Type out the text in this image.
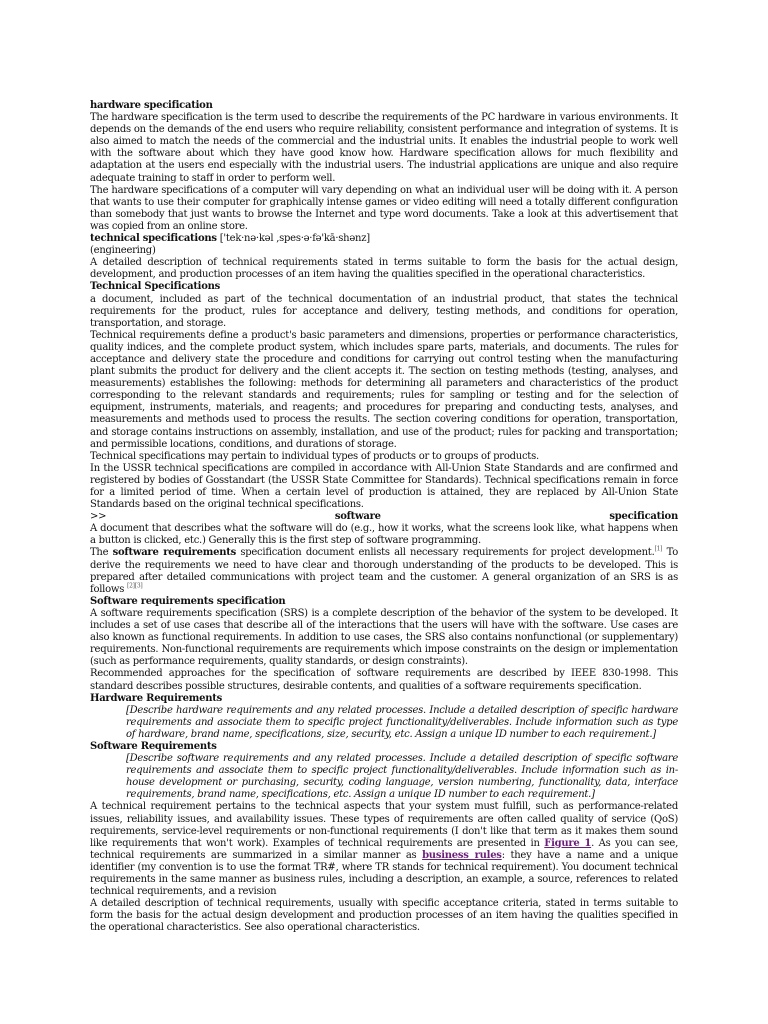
hardware specification

The hardware specification is the term used to describe the requirements of the PC hardware in various environments. It depends on the demands of the end users who require reliability, consistent performance and integration of systems. It is also aimed to match the needs of the commercial and the industrial units. It enables the industrial people to work well with the software about which they have good know how. Hardware specification allows for much flexibility and adaptation at the users end especially with the industrial users. The industrial applications are unique and also require adequate training to staff in order to perform well.

The hardware specifications of a computer will vary depending on what an individual user will be doing with it. A person that wants to use their computer for graphically intense games or video editing will need a totally different configuration than somebody that just wants to browse the Internet and type word documents. Take a look at this advertisement that was copied from an online store.

technical specifications ['tek·nə·kəl ,spes·ə·fə'kā·shənz]

(engineering)

A detailed description of technical requirements stated in terms suitable to form the basis for the actual design, development, and production processes of an item having the qualities specified in the operational characteristics.

Technical Specifications

a document, included as part of the technical documentation of an industrial product, that states the technical requirements for the product, rules for acceptance and delivery, testing methods, and conditions for operation, transportation, and storage.

Technical requirements define a product's basic parameters and dimensions, properties or performance characteristics, quality indices, and the complete product system, which includes spare parts, materials, and documents. The rules for acceptance and delivery state the procedure and conditions for carrying out control testing when the manufacturing plant submits the product for delivery and the client accepts it. The section on testing methods (testing, analyses, and measurements) establishes the following: methods for determining all parameters and characteristics of the product corresponding to the relevant standards and requirements; rules for sampling or testing and for the selection of equipment, instruments, materials, and reagents; and procedures for preparing and conducting tests, analyses, and measurements and methods used to process the results. The section covering conditions for operation, transportation, and storage contains instructions on assembly, installation, and use of the product; rules for packing and transportation; and permissible locations, conditions, and durations of storage.

Technical specifications may pertain to individual types of products or to groups of products.

In the USSR technical specifications are compiled in accordance with All-Union State Standards and are confirmed and registered by bodies of Gosstandart (the USSR State Committee for Standards). Technical specifications remain in force for a limited period of time. When a certain level of production is attained, they are replaced by All-Union State Standards based on the original technical specifications.

>>	software	specification

A document that describes what the software will do (e.g., how it works, what the screens look like, what happens when a button is clicked, etc.) Generally this is the first step of software programming.

The software requirements specification document enlists all necessary requirements for project development.[1] To derive the requirements we need to have clear and thorough understanding of the products to be developed. This is prepared after detailed communications with project team and the customer. A general organization of an SRS is as follows [2][3]

Software requirements specification

A software requirements specification (SRS) is a complete description of the behavior of the system to be developed. It includes a set of use cases that describe all of the interactions that the users will have with the software. Use cases are also known as functional requirements. In addition to use cases, the SRS also contains nonfunctional (or supplementary) requirements. Non-functional requirements are requirements which impose constraints on the design or implementation (such as performance requirements, quality standards, or design constraints).

Recommended approaches for the specification of software requirements are described by IEEE 830-1998. This standard describes possible structures, desirable contents, and qualities of a software requirements specification.

Hardware Requirements

[Describe hardware requirements and any related processes. Include a detailed description of specific hardware requirements and associate them to specific project functionality/deliverables. Include information such as type of hardware, brand name, specifications, size, security, etc. Assign a unique ID number to each requirement.]

Software Requirements

[Describe software requirements and any related processes. Include a detailed description of specific software requirements and associate them to specific project functionality/deliverables. Include information such as in-house development or purchasing, security, coding language, version numbering, functionality, data, interface requirements, brand name, specifications, etc. Assign a unique ID number to each requirement.]

A technical requirement pertains to the technical aspects that your system must fulfill, such as performance-related issues, reliability issues, and availability issues. These types of requirements are often called quality of service (QoS) requirements, service-level requirements or non-functional requirements (I don't like that term as it makes them sound like requirements that won't work). Examples of technical requirements are presented in Figure 1. As you can see, technical requirements are summarized in a similar manner as business rules: they have a name and a unique identifier (my convention is to use the format TR#, where TR stands for technical requirement). You document technical requirements in the same manner as business rules, including a description, an example, a source, references to related technical requirements, and a revision

A detailed description of technical requirements, usually with specific acceptance criteria, stated in terms suitable to form the basis for the actual design development and production processes of an item having the qualities specified in the operational characteristics. See also operational characteristics.
